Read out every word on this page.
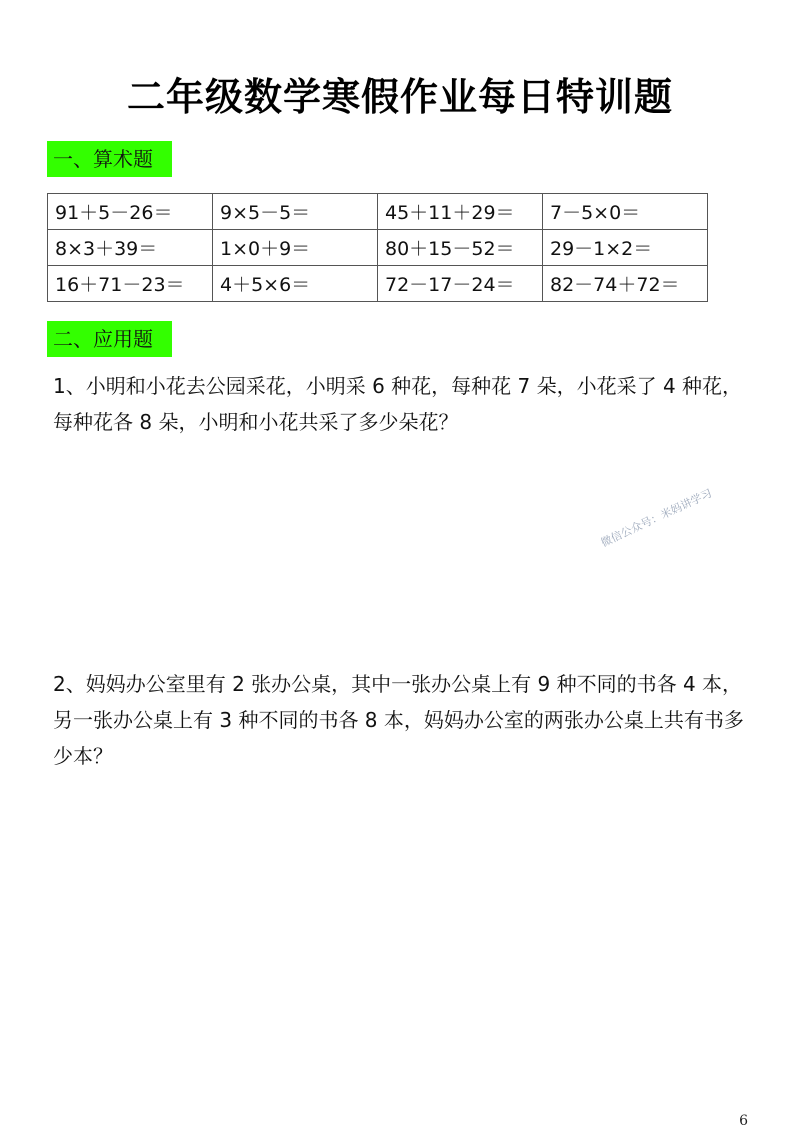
二年级数学寒假作业每日特训题
一、算术题
91＋5－26＝	9×5－5＝	45＋11＋29＝	7－5×0＝
8×3＋39＝	1×0＋9＝	80＋15－52＝	29－1×2＝
16＋71－23＝	4＋5×6＝	72－17－24＝	82－74＋72＝
二、应用题
1、小明和小花去公园采花，小明采 6 种花，每种花 7 朵，小花采了 4 种花，每种花各 8 朵，小明和小花共采了多少朵花？
微信公众号：米妈讲学习
2、妈妈办公室里有 2 张办公桌，其中一张办公桌上有 9 种不同的书各 4 本，另一张办公桌上有 3 种不同的书各 8 本，妈妈办公室的两张办公桌上共有书多少本？
6
